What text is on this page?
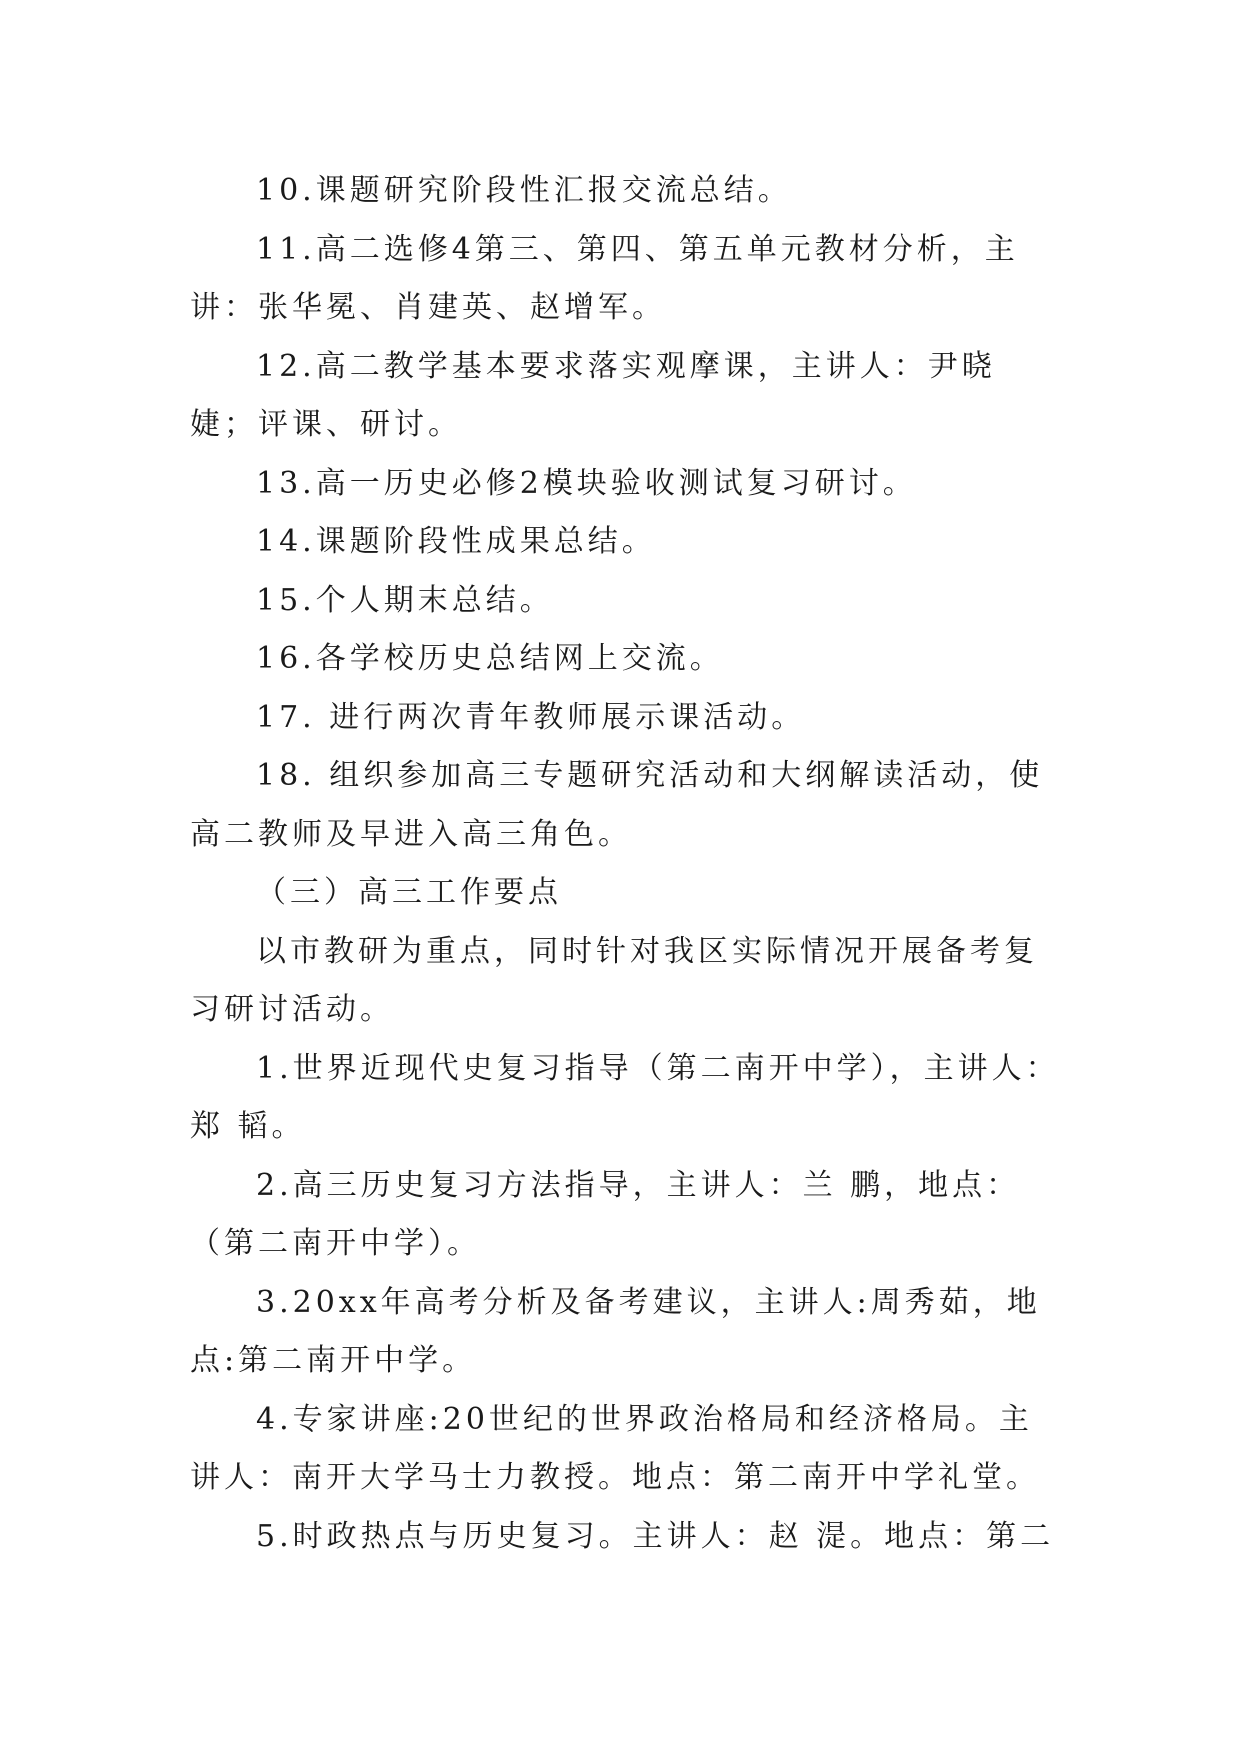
10.课题研究阶段性汇报交流总结。

11.高二选修4第三、第四、第五单元教材分析，主讲：张华冕、肖建英、赵增军。

12.高二教学基本要求落实观摩课，主讲人：尹晓婕；评课、研讨。

13.高一历史必修2模块验收测试复习研讨。

14.课题阶段性成果总结。

15.个人期末总结。

16.各学校历史总结网上交流。

17. 进行两次青年教师展示课活动。

18. 组织参加高三专题研究活动和大纲解读活动，使高二教师及早进入高三角色。

（三）高三工作要点

以市教研为重点，同时针对我区实际情况开展备考复习研讨活动。

1.世界近现代史复习指导（第二南开中学），主讲人：郑 韬。

2.高三历史复习方法指导，主讲人：兰 鹏，地点：（第二南开中学）。

3.20xx年高考分析及备考建议，主讲人:周秀茹，地点:第二南开中学。

4.专家讲座:20世纪的世界政治格局和经济格局。主讲人：南开大学马士力教授。地点：第二南开中学礼堂。

5.时政热点与历史复习。主讲人：赵 湜。地点：第二
